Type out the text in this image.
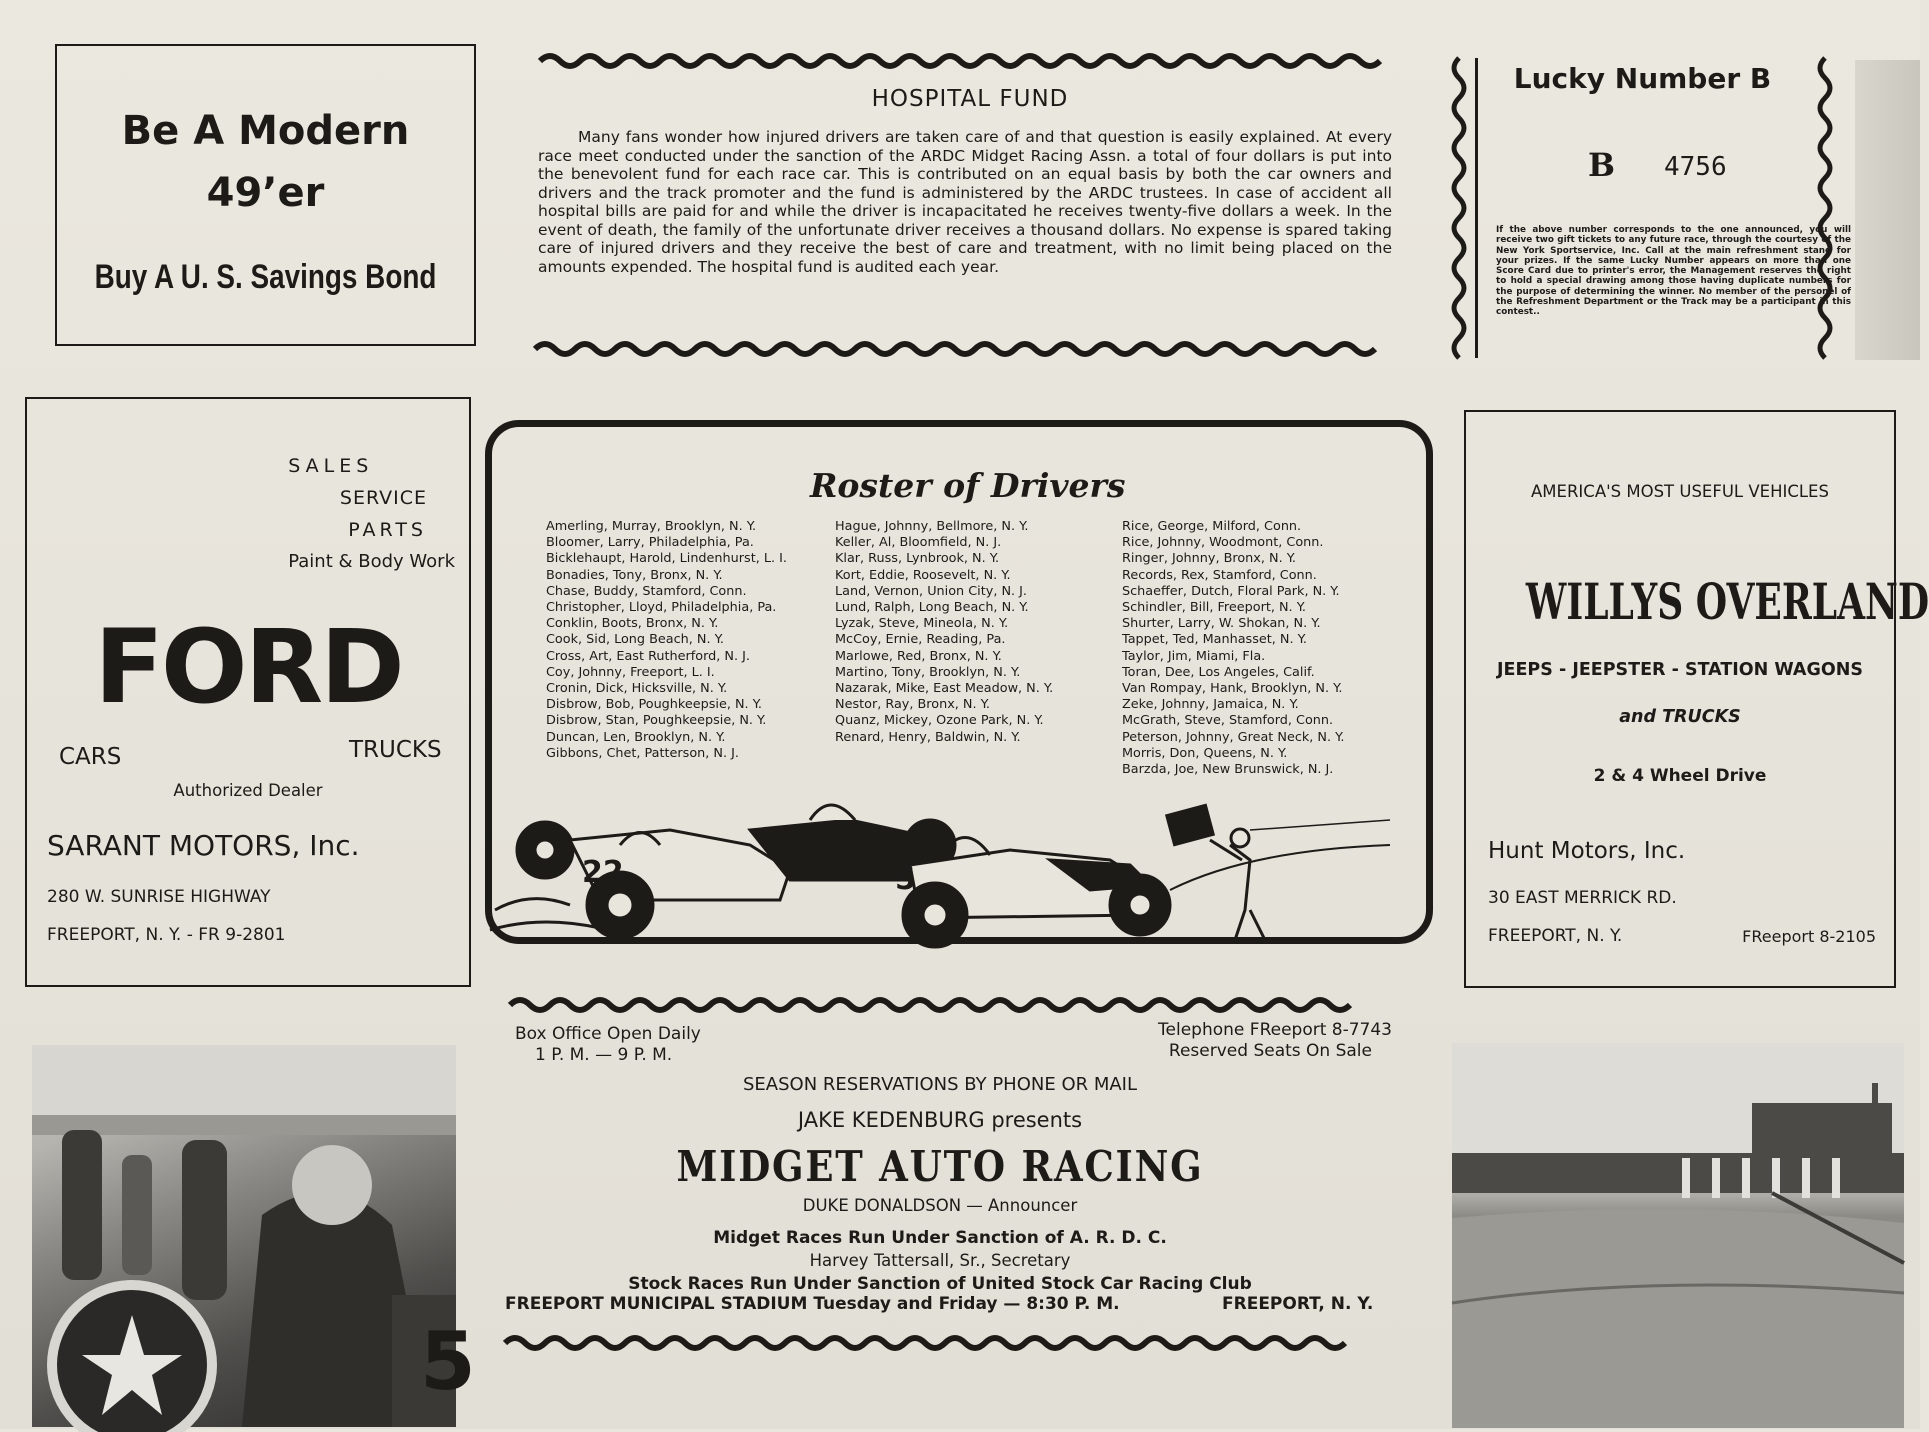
Be A Modern
49’er
Buy A U. S. Savings Bond
HOSPITAL FUND
Many fans wonder how injured drivers are taken care of and that question is easily explained. At every race meet conducted under the sanction of the ARDC Midget Racing Assn. a total of four dollars is put into the benevolent fund for each race car. This is contributed on an equal basis by both the car owners and drivers and the track promoter and the fund is administered by the ARDC trustees. In case of accident all hospital bills are paid for and while the driver is incapacitated he receives twenty-five dollars a week. In the event of death, the family of the unfortunate driver receives a thousand dollars. No expense is spared taking care of injured drivers and they receive the best of care and treatment, with no limit being placed on the amounts expended. The hospital fund is audited each year.
Lucky Number B
B 4756
If the above number corresponds to the one announced, you will receive two gift tickets to any future race, through the courtesy of the New York Sportservice, Inc. Call at the main refreshment stand for your prizes. If the same Lucky Number appears on more than one Score Card due to printer's error, the Management reserves the right to hold a special drawing among those having duplicate numbers for the purpose of determining the winner. No member of the personel of the Refreshment Department or the Track may be a participant in this contest..
SALES
SERVICE
PARTS
Paint & Body Work
FORD
CARS	TRUCKS
Authorized Dealer
SARANT MOTORS, Inc.
280 W. SUNRISE HIGHWAY
FREEPORT, N. Y. - FR 9-2801
Roster of Drivers
Amerling, Murray, Brooklyn, N. Y.
Bloomer, Larry, Philadelphia, Pa.
Bicklehaupt, Harold, Lindenhurst, L. I.
Bonadies, Tony, Bronx, N. Y.
Chase, Buddy, Stamford, Conn.
Christopher, Lloyd, Philadelphia, Pa.
Conklin, Boots, Bronx, N. Y.
Cook, Sid, Long Beach, N. Y.
Cross, Art, East Rutherford, N. J.
Coy, Johnny, Freeport, L. I.
Cronin, Dick, Hicksville, N. Y.
Disbrow, Bob, Poughkeepsie, N. Y.
Disbrow, Stan, Poughkeepsie, N. Y.
Duncan, Len, Brooklyn, N. Y.
Gibbons, Chet, Patterson, N. J.
Hague, Johnny, Bellmore, N. Y.
Keller, Al, Bloomfield, N. J.
Klar, Russ, Lynbrook, N. Y.
Kort, Eddie, Roosevelt, N. Y.
Land, Vernon, Union City, N. J.
Lund, Ralph, Long Beach, N. Y.
Lyzak, Steve, Mineola, N. Y.
McCoy, Ernie, Reading, Pa.
Marlowe, Red, Bronx, N. Y.
Martino, Tony, Brooklyn, N. Y.
Nazarak, Mike, East Meadow, N. Y.
Nestor, Ray, Bronx, N. Y.
Quanz, Mickey, Ozone Park, N. Y.
Renard, Henry, Baldwin, N. Y.
Rice, George, Milford, Conn.
Rice, Johnny, Woodmont, Conn.
Ringer, Johnny, Bronx, N. Y.
Records, Rex, Stamford, Conn.
Schaeffer, Dutch, Floral Park, N. Y.
Schindler, Bill, Freeport, N. Y.
Shurter, Larry, W. Shokan, N. Y.
Tappet, Ted, Manhasset, N. Y.
Taylor, Jim, Miami, Fla.
Toran, Dee, Los Angeles, Calif.
Van Rompay, Hank, Brooklyn, N. Y.
Zeke, Johnny, Jamaica, N. Y.
McGrath, Steve, Stamford, Conn.
Peterson, Johnny, Great Neck, N. Y.
Morris, Don, Queens, N. Y.
Barzda, Joe, New Brunswick, N. J.
22	5
AMERICA'S MOST USEFUL VEHICLES
WILLYS OVERLAND
JEEPS - JEEPSTER - STATION WAGONS
and TRUCKS
2 & 4 Wheel Drive
Hunt Motors, Inc.
30 EAST MERRICK RD.
FREEPORT, N. Y.	FReeport 8-2105
5
Box Office Open Daily
1 P. M. — 9 P. M.
Telephone FReeport 8-7743
Reserved Seats On Sale
SEASON RESERVATIONS BY PHONE OR MAIL
JAKE KEDENBURG presents
MIDGET AUTO RACING
DUKE DONALDSON — Announcer
Midget Races Run Under Sanction of A. R. D. C.
Harvey Tattersall, Sr., Secretary
Stock Races Run Under Sanction of United Stock Car Racing Club
FREEPORT MUNICIPAL STADIUM Tuesday and Friday — 8:30 P. M.	FREEPORT, N. Y.
